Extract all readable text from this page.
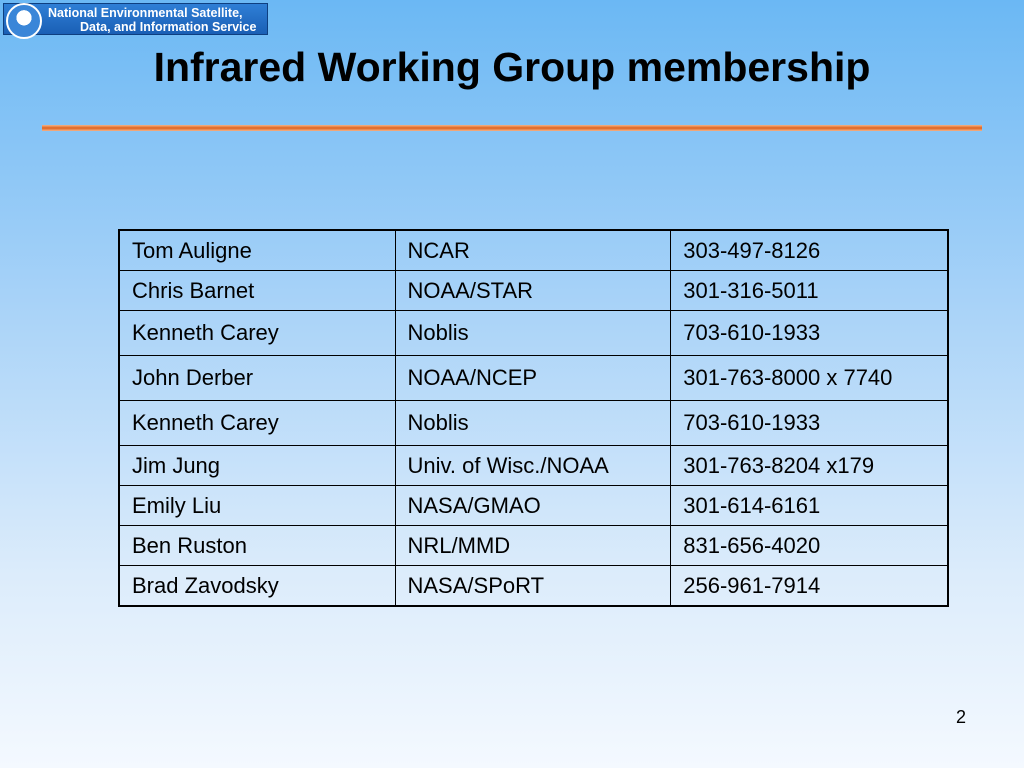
National Environmental Satellite,
Data, and Information Service
Infrared Working Group membership
Tom Auligne	NCAR	303-497-8126
Chris Barnet	NOAA/STAR	301-316-5011
Kenneth Carey	Noblis	703-610-1933
John Derber	NOAA/NCEP	301-763-8000 x 7740
Kenneth Carey	Noblis	703-610-1933
Jim Jung	Univ. of Wisc./NOAA	301-763-8204 x179
Emily Liu	NASA/GMAO	301-614-6161
Ben Ruston	NRL/MMD	831-656-4020
Brad Zavodsky	NASA/SPoRT	256-961-7914
2
